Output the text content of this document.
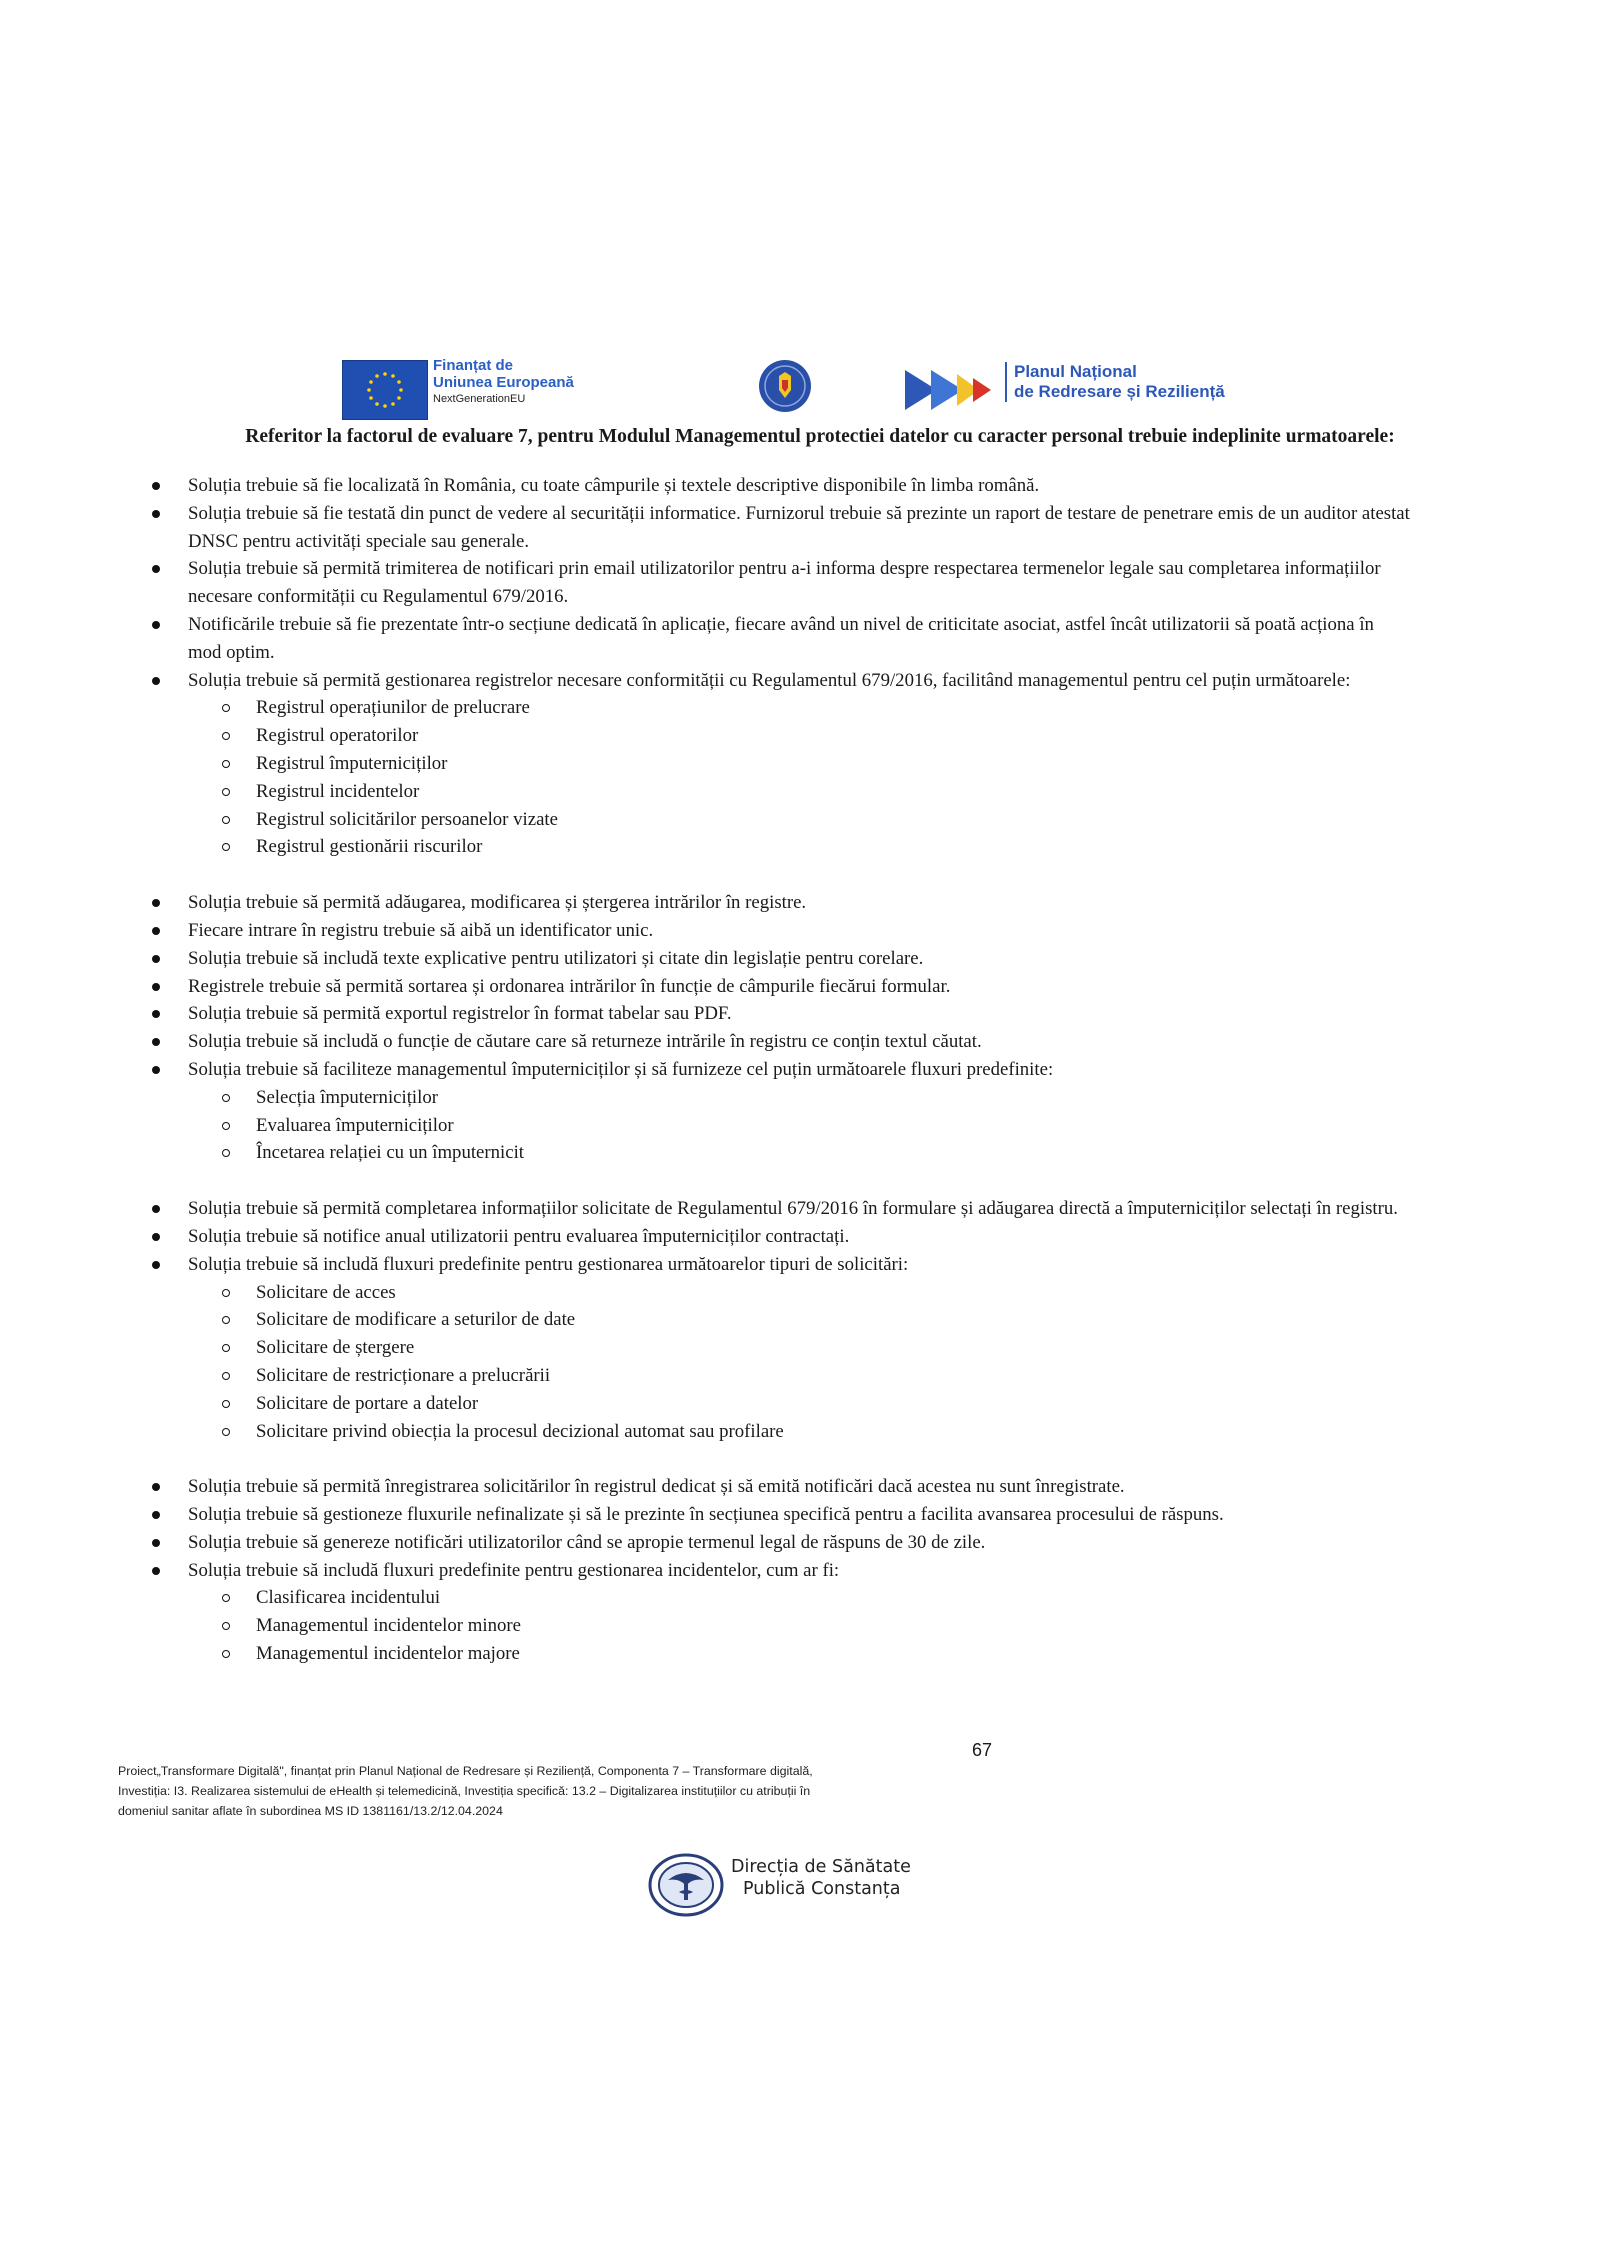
Finanțat de
Uniunea Europeană
NextGenerationEU
Planul Național
de Redresare și Reziliență
Referitor la factorul de evaluare 7, pentru Modulul Managementul protectiei datelor cu caracter personal trebuie indeplinite urmatoarele:
Soluția trebuie să fie localizată în România, cu toate câmpurile și textele descriptive disponibile în limba română.
Soluția trebuie să fie testată din punct de vedere al securității informatice. Furnizorul trebuie să prezinte un raport de testare de penetrare emis de un auditor atestat DNSC pentru activități speciale sau generale.
Soluția trebuie să permită trimiterea de notificari prin email utilizatorilor pentru a-i informa despre respectarea termenelor legale sau completarea informațiilor necesare conformității cu Regulamentul 679/2016.
Notificările trebuie să fie prezentate într-o secțiune dedicată în aplicație, fiecare având un nivel de criticitate asociat, astfel încât utilizatorii să poată acționa în mod optim.
Soluția trebuie să permită gestionarea registrelor necesare conformității cu Regulamentul 679/2016, facilitând managementul pentru cel puțin următoarele:
Registrul operațiunilor de prelucrare
Registrul operatorilor
Registrul împuterniciților
Registrul incidentelor
Registrul solicitărilor persoanelor vizate
Registrul gestionării riscurilor
Soluția trebuie să permită adăugarea, modificarea și ștergerea intrărilor în registre.
Fiecare intrare în registru trebuie să aibă un identificator unic.
Soluția trebuie să includă texte explicative pentru utilizatori și citate din legislație pentru corelare.
Registrele trebuie să permită sortarea și ordonarea intrărilor în funcție de câmpurile fiecărui formular.
Soluția trebuie să permită exportul registrelor în format tabelar sau PDF.
Soluția trebuie să includă o funcție de căutare care să returneze intrările în registru ce conțin textul căutat.
Soluția trebuie să faciliteze managementul împuterniciților și să furnizeze cel puțin următoarele fluxuri predefinite:
Selecția împuterniciților
Evaluarea împuterniciților
Încetarea relației cu un împuternicit
Soluția trebuie să permită completarea informațiilor solicitate de Regulamentul 679/2016 în formulare și adăugarea directă a împuterniciților selectați în registru.
Soluția trebuie să notifice anual utilizatorii pentru evaluarea împuterniciților contractați.
Soluția trebuie să includă fluxuri predefinite pentru gestionarea următoarelor tipuri de solicitări:
Solicitare de acces
Solicitare de modificare a seturilor de date
Solicitare de ștergere
Solicitare de restricționare a prelucrării
Solicitare de portare a datelor
Solicitare privind obiecția la procesul decizional automat sau profilare
Soluția trebuie să permită înregistrarea solicitărilor în registrul dedicat și să emită notificări dacă acestea nu sunt înregistrate.
Soluția trebuie să gestioneze fluxurile nefinalizate și să le prezinte în secțiunea specifică pentru a facilita avansarea procesului de răspuns.
Soluția trebuie să genereze notificări utilizatorilor când se apropie termenul legal de răspuns de 30 de zile.
Soluția trebuie să includă fluxuri predefinite pentru gestionarea incidentelor, cum ar fi:
Clasificarea incidentului
Managementul incidentelor minore
Managementul incidentelor majore
67
Proiect„Transformare Digitală", finanțat prin Planul Național de Redresare și Reziliență, Componenta 7 – Transformare digitală,
Investiția: I3. Realizarea sistemului de eHealth și telemedicină, Investiția specifică: 13.2 – Digitalizarea instituțiilor cu atribuții în
domeniul sanitar aflate în subordinea MS ID 1381161/13.2/12.04.2024
Direcția de Sănătate
Publică Constanța
